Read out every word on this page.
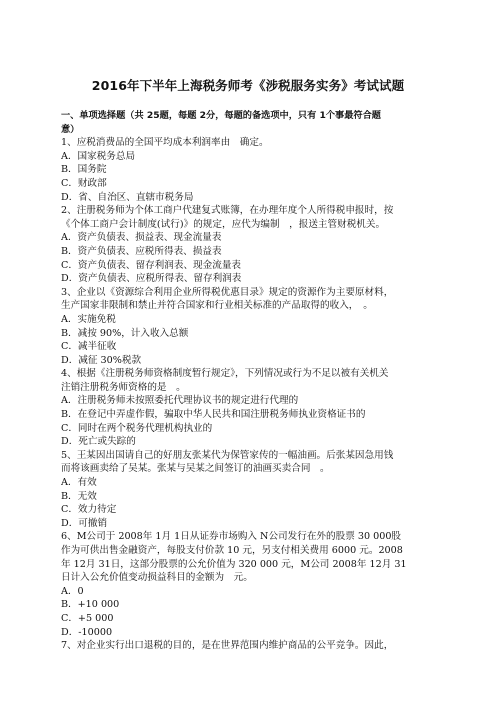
2016年下半年上海税务师考《涉税服务实务》考试试题
一、单项选择题（共 25题，每题 2分，每题的备选项中，只有 1个事最符合题
意）
1、应税消费品的全国平均成本利润率由　确定。
A．国家税务总局
B．国务院
C．财政部
D．省、自治区、直辖市税务局
2、注册税务师为个体工商户代建复式账簿，在办理年度个人所得税申报时，按
《个体工商户会计制度(试行)》的规定，应代为编制　，报送主管财税机关。
A．资产负债表、损益表、现金流量表
B．资产负债表、应税所得表、损益表
C．资产负债表、留存利润表、现金流量表
D．资产负债表、应税所得表、留存利润表
3、企业以《资源综合利用企业所得税优惠目录》规定的资源作为主要原材料，
生产国家非限制和禁止并符合国家和行业相关标准的产品取得的收入，　。
A．实施免税
B．减按 90%，计入收入总额
C．减半征收
D．减征 30%税款
4、根据《注册税务师资格制度暂行规定》，下列情况或行为不足以被有关机关
注销注册税务师资格的是　。
A．注册税务师未按照委托代理协议书的规定进行代理的
B．在登记中弄虚作假，骗取中华人民共和国注册税务师执业资格证书的
C．同时在两个税务代理机构执业的
D．死亡或失踪的
5、王某因出国请自己的好朋友张某代为保管家传的一幅油画。后张某因急用钱
而将该画卖给了吴某。张某与吴某之间签订的油画买卖合同　。
A．有效
B．无效
C．效力待定
D．可撤销
6、M公司于 2008年 1月 1日从证券市场购入 N公司发行在外的股票 30 000股
作为可供出售金融资产，每股支付价款 10 元，另支付相关费用 6000 元。2008
年 12月 31日，这部分股票的公允价值为 320 000 元，M公司 2008年 12月 31
日计入公允价值变动损益科目的金额为　元。
A．0
B．+10 000
C．+5 000
D．-10000
7、对企业实行出口退税的目的，是在世界范围内维护商品的公平竞争。因此，
